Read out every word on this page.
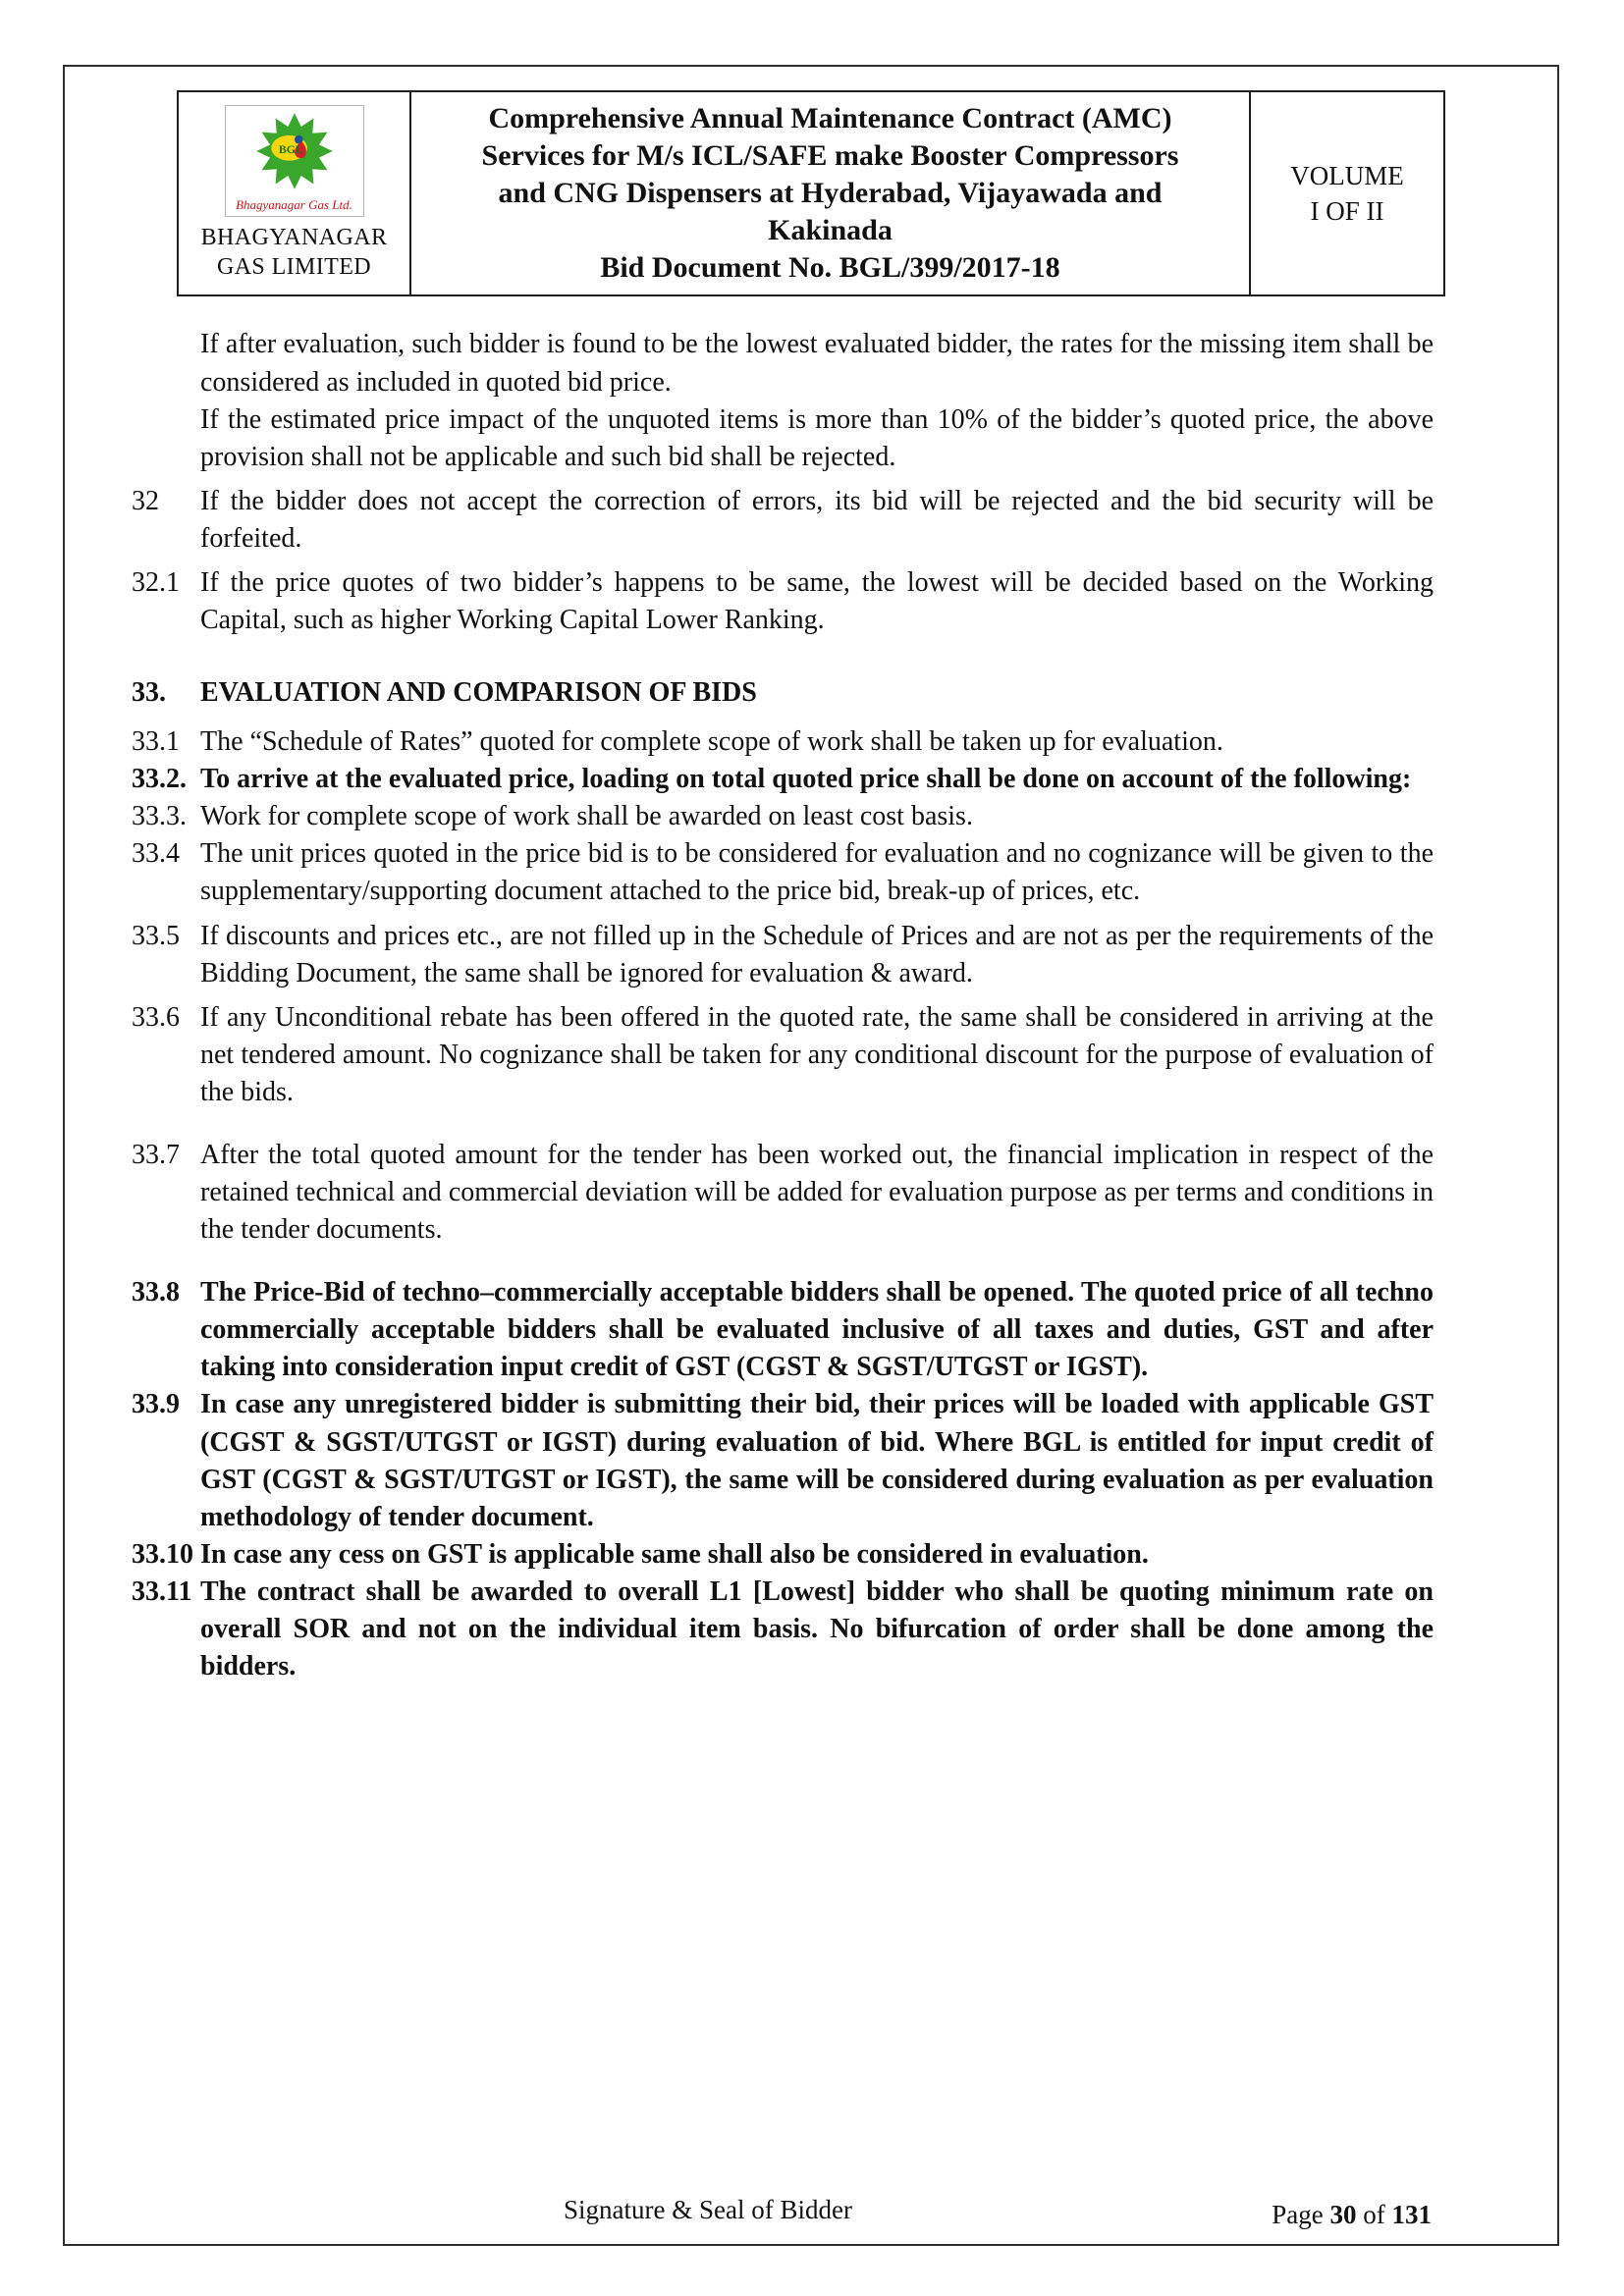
BGL
Bhagyanagar Gas Ltd.
BHAGYANAGAR
GAS LIMITED

Comprehensive Annual Maintenance Contract (AMC)
Services for M/s ICL/SAFE make Booster Compressors
and CNG Dispensers at Hyderabad, Vijayawada and
Kakinada
Bid Document No. BGL/399/2017-18

VOLUME
I OF II
If after evaluation, such bidder is found to be the lowest evaluated bidder, the rates for the missing item shall be considered as included in quoted bid price.
If the estimated price impact of the unquoted items is more than 10% of the bidder’s quoted price, the above provision shall not be applicable and such bid shall be rejected.
32	If the bidder does not accept the correction of errors, its bid will be rejected and the bid security will be forfeited.
32.1 If the price quotes of two bidder’s happens to be same, the lowest will be decided based on the Working Capital, such as higher Working Capital Lower Ranking.
33.	EVALUATION AND COMPARISON OF BIDS
33.1 The “Schedule of Rates” quoted for complete scope of work shall be taken up for evaluation.
33.2. To arrive at the evaluated price, loading on total quoted price shall be done on account of the following:
33.3. Work for complete scope of work shall be awarded on least cost basis.
33.4 The unit prices quoted in the price bid is to be considered for evaluation and no cognizance will be given to the supplementary/supporting document attached to the price bid, break-up of prices, etc.
33.5 If discounts and prices etc., are not filled up in the Schedule of Prices and are not as per the requirements of the Bidding Document, the same shall be ignored for evaluation & award.
33.6 If any Unconditional rebate has been offered in the quoted rate, the same shall be considered in arriving at the net tendered amount. No cognizance shall be taken for any conditional discount for the purpose of evaluation of the bids.
33.7 After the total quoted amount for the tender has been worked out, the financial implication in respect of the retained technical and commercial deviation will be added for evaluation purpose as per terms and conditions in the tender documents.
33.8 The Price-Bid of techno–commercially acceptable bidders shall be opened. The quoted price of all techno commercially acceptable bidders shall be evaluated inclusive of all taxes and duties, GST and after taking into consideration input credit of GST (CGST & SGST/UTGST or IGST).
33.9 In case any unregistered bidder is submitting their bid, their prices will be loaded with applicable GST (CGST & SGST/UTGST or IGST) during evaluation of bid. Where BGL is entitled for input credit of GST (CGST & SGST/UTGST or IGST), the same will be considered during evaluation as per evaluation methodology of tender document.
33.10 In case any cess on GST is applicable same shall also be considered in evaluation.
33.11 The contract shall be awarded to overall L1 [Lowest] bidder who shall be quoting minimum rate on overall SOR and not on the individual item basis. No bifurcation of order shall be done among the bidders.
Signature & Seal of Bidder	Page 30 of 131
